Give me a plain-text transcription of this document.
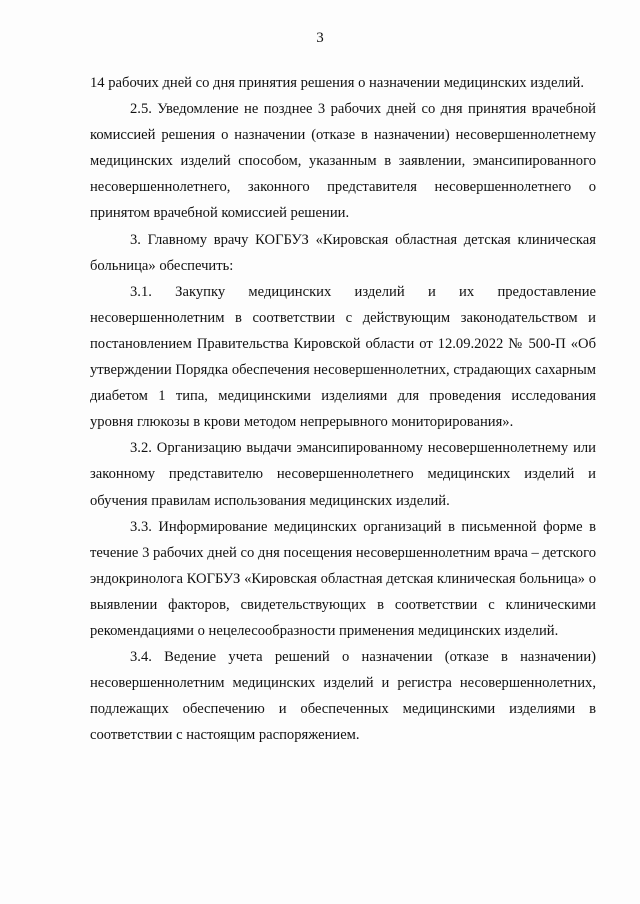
3

14 рабочих дней со дня принятия решения о назначении медицинских изделий.

2.5. Уведомление не позднее 3 рабочих дней со дня принятия врачебной комиссией решения о назначении (отказе в назначении) несовершеннолетнему медицинских изделий способом, указанным в заявлении, эмансипированного несовершеннолетнего, законного представителя несовершеннолетнего о принятом врачебной комиссией решении.

3. Главному врачу КОГБУЗ «Кировская областная детская клиническая больница» обеспечить:

3.1. Закупку медицинских изделий и их предоставление несовершеннолетним в соответствии с действующим законодательством и постановлением Правительства Кировской области от 12.09.2022 № 500-П «Об утверждении Порядка обеспечения несовершеннолетних, страдающих сахарным диабетом 1 типа, медицинскими изделиями для проведения исследования уровня глюкозы в крови методом непрерывного мониторирования».

3.2. Организацию выдачи эмансипированному несовершеннолетнему или законному представителю несовершеннолетнего медицинских изделий и обучения правилам использования медицинских изделий.

3.3. Информирование медицинских организаций в письменной форме в течение 3 рабочих дней со дня посещения несовершеннолетним врача – детского эндокринолога КОГБУЗ «Кировская областная детская клиническая больница» о выявлении факторов, свидетельствующих в соответствии с клиническими рекомендациями о нецелесообразности применения медицинских изделий.

3.4. Ведение учета решений о назначении (отказе в назначении) несовершеннолетним медицинских изделий и регистра несовершеннолетних, подлежащих обеспечению и обеспеченных медицинскими изделиями в соответствии с настоящим распоряжением.
